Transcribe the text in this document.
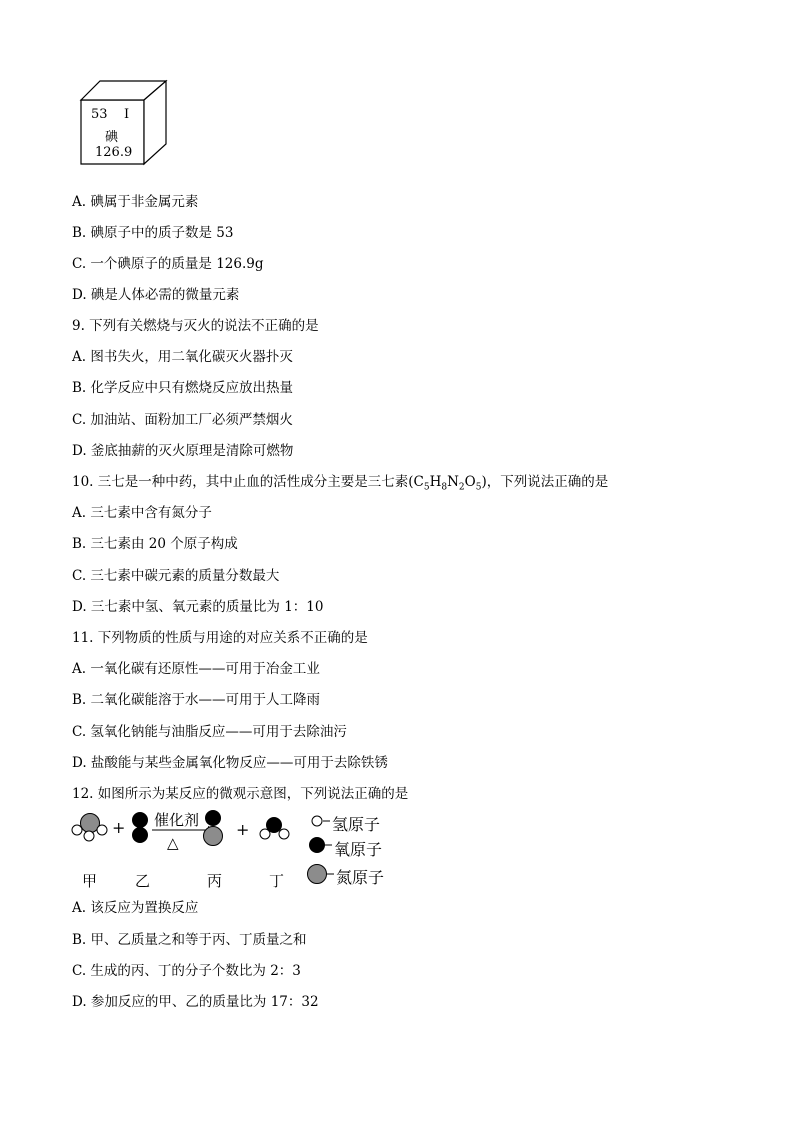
53 I
碘
126.9
A. 碘属于非金属元素
B. 碘原子中的质子数是 53
C. 一个碘原子的质量是 126.9g
D. 碘是人体必需的微量元素
9. 下列有关燃烧与灭火的说法不正确的是
A. 图书失火，用二氧化碳灭火器扑灭
B. 化学反应中只有燃烧反应放出热量
C. 加油站、面粉加工厂必须严禁烟火
D. 釜底抽薪的灭火原理是清除可燃物
10. 三七是一种中药，其中止血的活性成分主要是三七素$(C_5H_8N_2O_5)$，下列说法正确的是
A. 三七素中含有氮分子
B. 三七素由 20 个原子构成
C. 三七素中碳元素的质量分数最大
D. 三七素中氢、氧元素的质量比为 1：10
11. 下列物质的性质与用途的对应关系不正确的是
A. 一氧化碳有还原性——可用于冶金工业
B. 二氧化碳能溶于水——可用于人工降雨
C. 氢氧化钠能与油脂反应——可用于去除油污
D. 盐酸能与某些金属氧化物反应——可用于去除铁锈
12. 如图所示为某反应的微观示意图，下列说法正确的是
+	+
催化剂
△
氢原子
氧原子
氮原子
甲	乙	丙	丁
A. 该反应为置换反应
B. 甲、乙质量之和等于丙、丁质量之和
C. 生成的丙、丁的分子个数比为 2：3
D. 参加反应的甲、乙的质量比为 17：32
